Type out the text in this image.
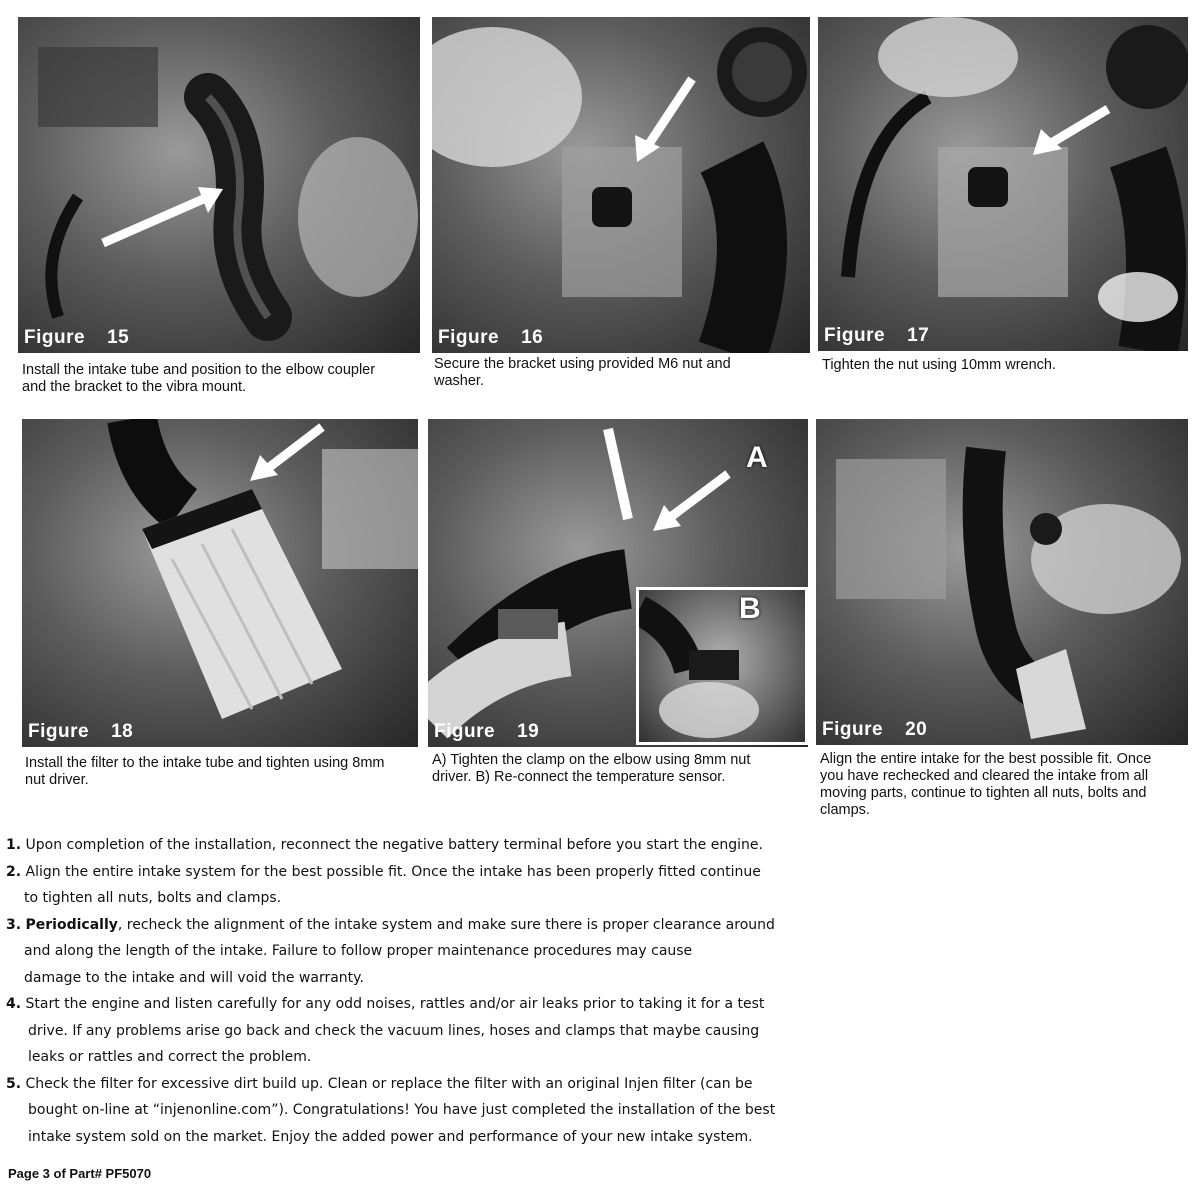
Figure 15
Install the intake tube and position to the elbow coupler
and the bracket to the vibra mount.
Figure 16
Secure the bracket using provided M6 nut and
washer.
Figure 17
Tighten the nut using 10mm wrench.
Figure 18
Install the filter to the intake tube and tighten using 8mm
nut driver.
A
B
Figure 19
A) Tighten the clamp on the elbow using 8mm nut
driver. B) Re-connect the temperature sensor.
Figure 20
Align the entire intake for the best possible fit. Once
you have rechecked and cleared the intake from all
moving parts, continue to tighten all nuts, bolts and
clamps.
1. Upon completion of the installation, reconnect the negative battery terminal before you start the engine.
2. Align the entire intake system for the best possible fit. Once the intake has been properly fitted continue
to tighten all nuts, bolts and clamps.
3. Periodically, recheck the alignment of the intake system and make sure there is proper clearance around
and along the length of the intake. Failure to follow proper maintenance procedures may cause
damage to the intake and will void the warranty.
4. Start the engine and listen carefully for any odd noises, rattles and/or air leaks prior to taking it for a test
drive. If any problems arise go back and check the vacuum lines, hoses and clamps that maybe causing
leaks or rattles and correct the problem.
5. Check the filter for excessive dirt build up. Clean or replace the filter with an original Injen filter (can be
bought on-line at “injenonline.com”). Congratulations! You have just completed the installation of the best
intake system sold on the market. Enjoy the added power and performance of your new intake system.
Page 3 of Part# PF5070
